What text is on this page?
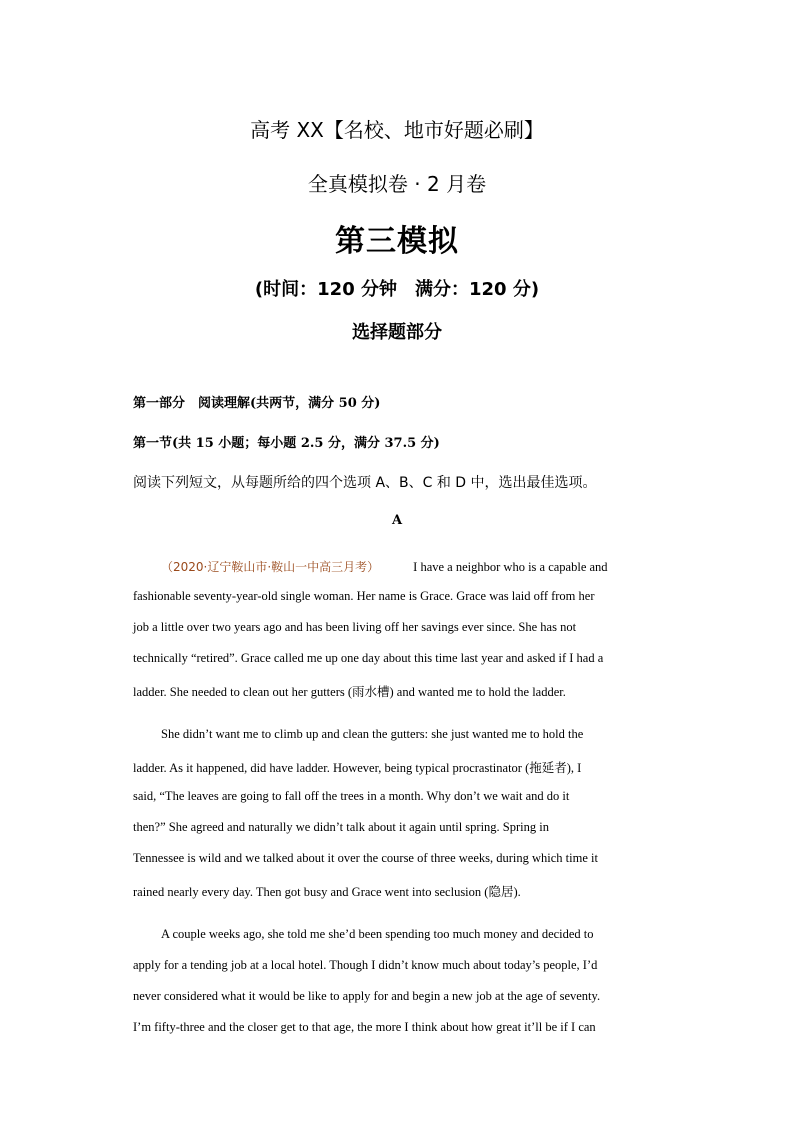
高考 XX【名校、地市好题必刷】
全真模拟卷 · 2 月卷
第三模拟
(时间：120 分钟　满分：120 分)
选择题部分
第一部分　阅读理解(共两节，满分 50 分)
第一节(共 15 小题；每小题 2.5 分，满分 37.5 分)
阅读下列短文，从每题所给的四个选项 A、B、C 和 D 中，选出最佳选项。
A
（2020·辽宁鞍山市·鞍山一中高三月考）	I have a neighbor who is a capable and
fashionable seventy-year-old single woman. Her name is Grace. Grace was laid off from her
job a little over two years ago and has been living off her savings ever since. She has not
technically “retired”. Grace called me up one day about this time last year and asked if I had a
ladder. She needed to clean out her gutters (雨水槽) and wanted me to hold the ladder.
She didn’t want me to climb up and clean the gutters: she just wanted me to hold the
ladder. As it happened, did have ladder. However, being typical procrastinator (拖延者), I
said, “The leaves are going to fall off the trees in a month. Why don’t we wait and do it
then?” She agreed and naturally we didn’t talk about it again until spring. Spring in
Tennessee is wild and we talked about it over the course of three weeks, during which time it
rained nearly every day. Then got busy and Grace went into seclusion (隐居).
A couple weeks ago, she told me she’d been spending too much money and decided to
apply for a tending job at a local hotel. Though I didn’t know much about today’s people, I’d
never considered what it would be like to apply for and begin a new job at the age of seventy.
I’m fifty-three and the closer get to that age, the more I think about how great it’ll be if I can
